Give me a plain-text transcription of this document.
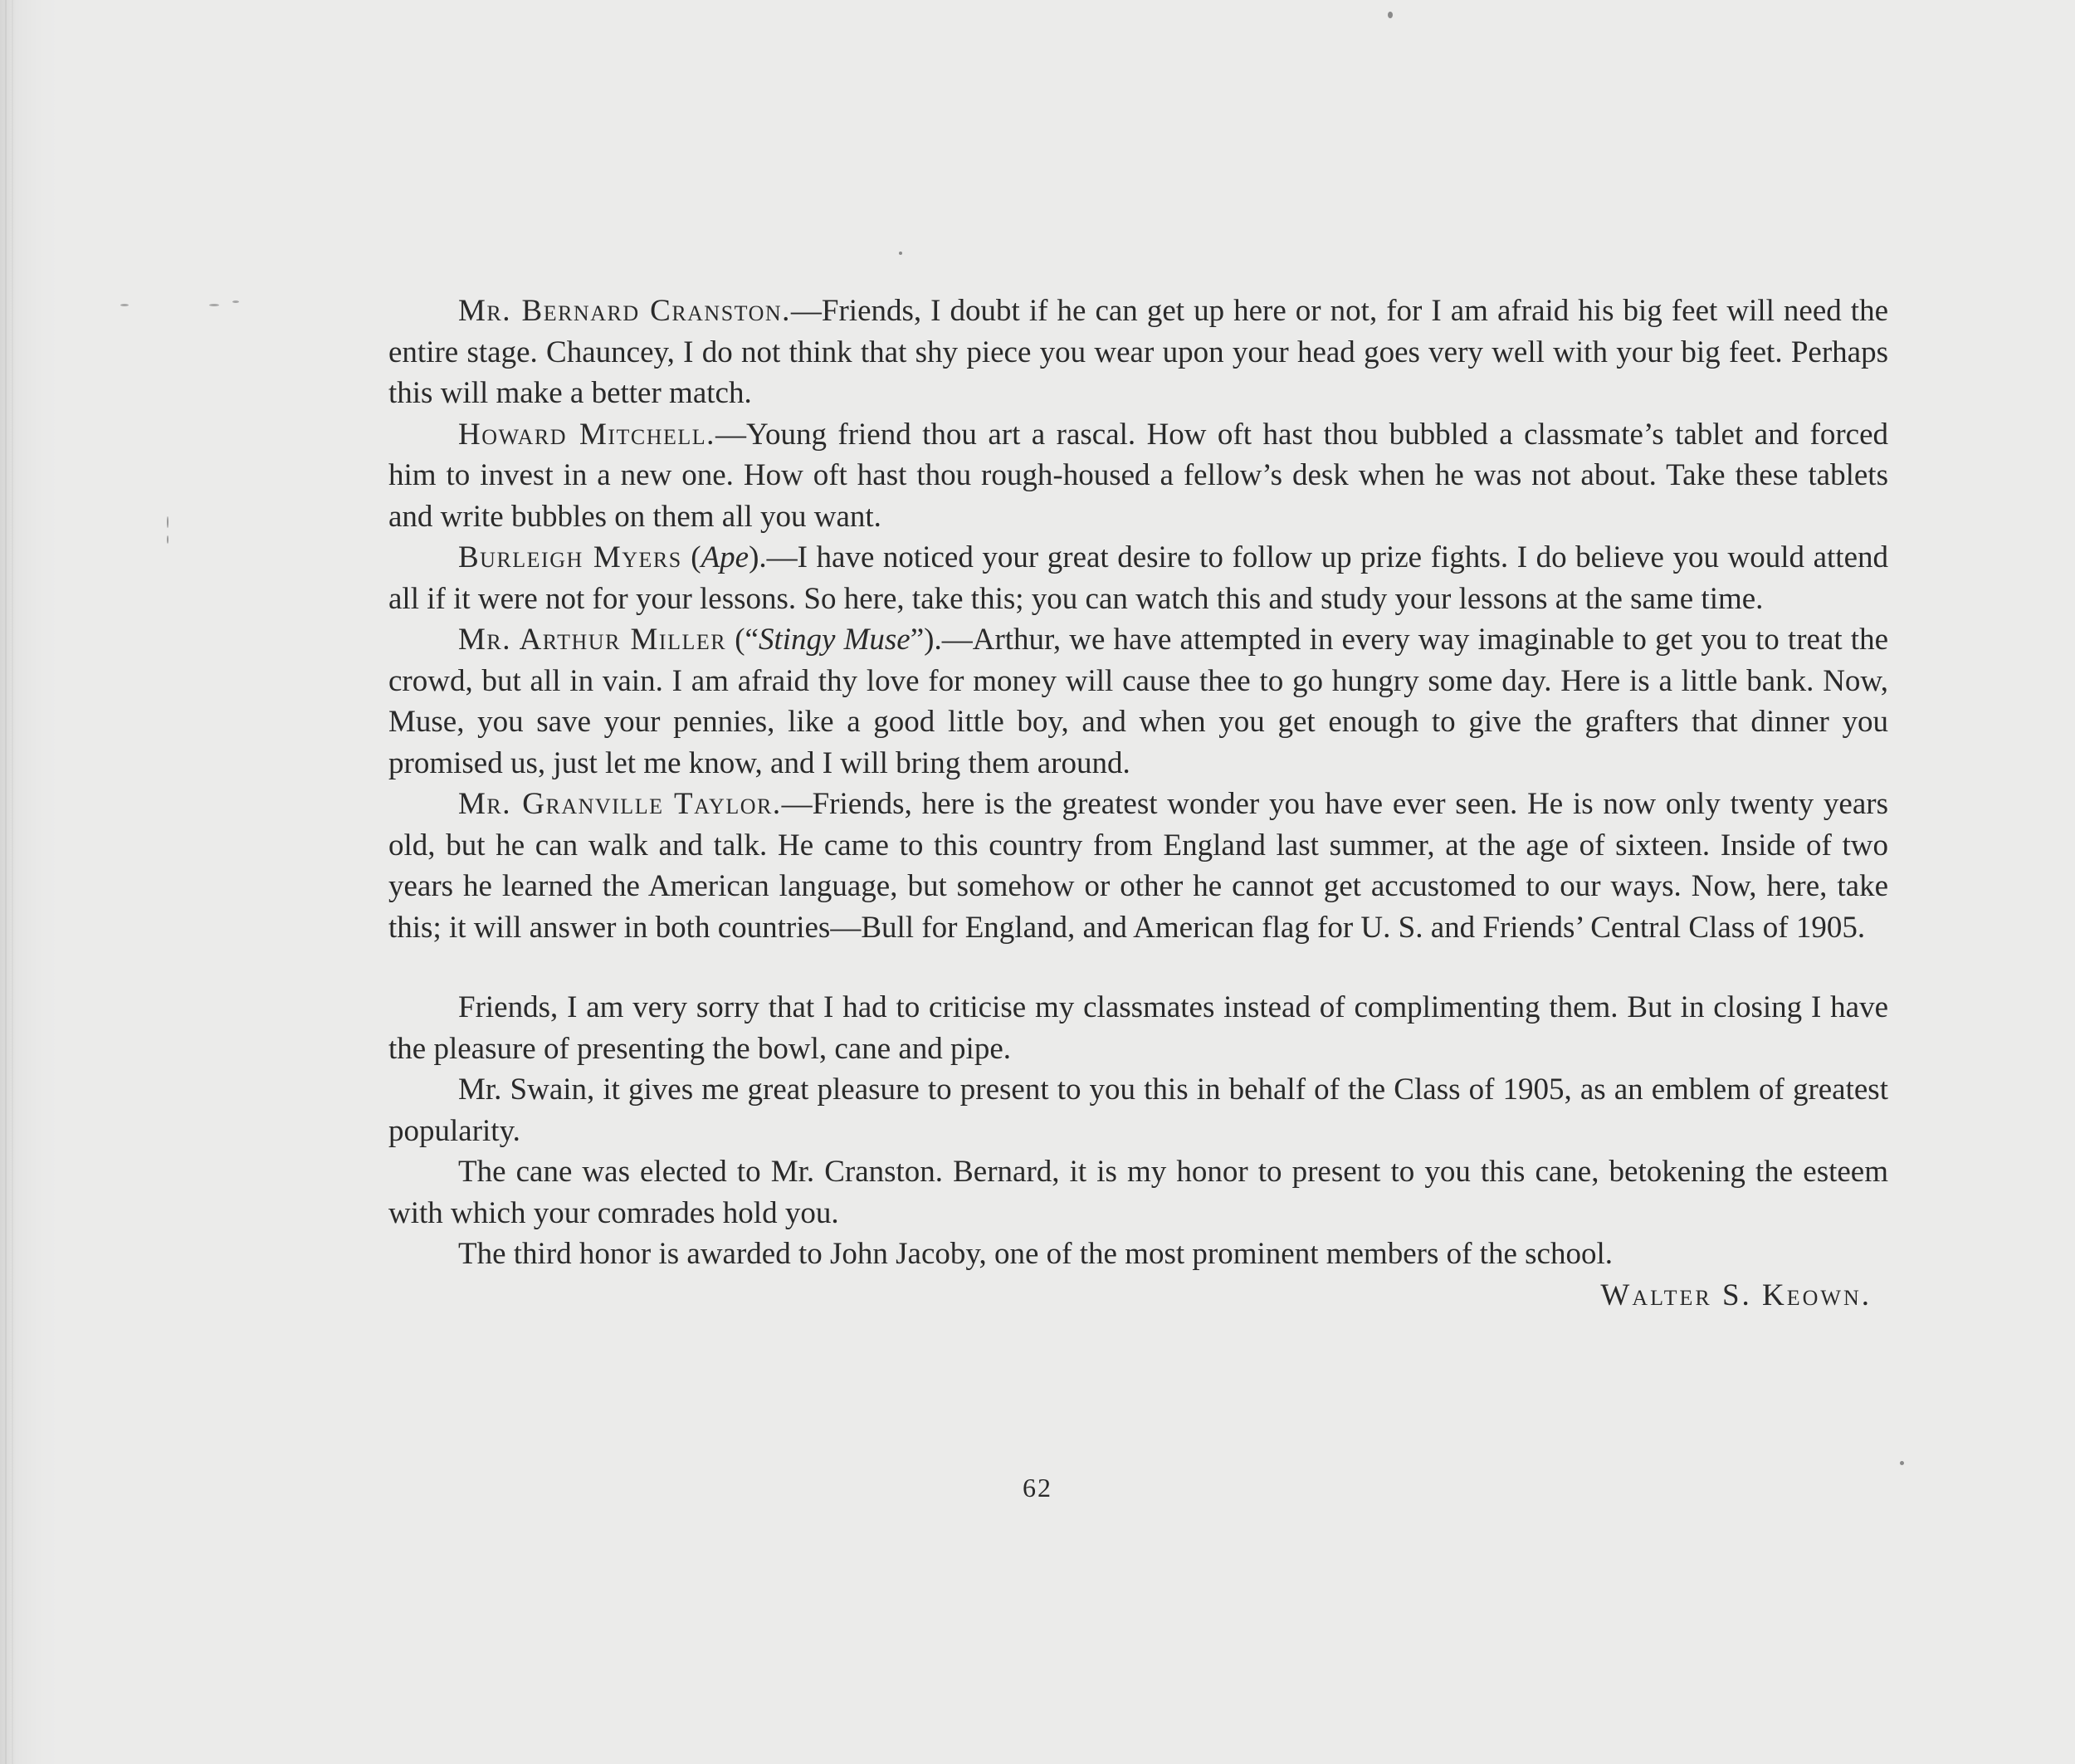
Mr. Bernard Cranston.—Friends, I doubt if he can get up here or not, for I am afraid his big feet will need the entire stage. Chauncey, I do not think that shy piece you wear upon your head goes very well with your big feet. Perhaps this will make a better match.

Howard Mitchell.—Young friend thou art a rascal. How oft hast thou bubbled a classmate’s tablet and forced him to invest in a new one. How oft hast thou rough-housed a fellow’s desk when he was not about. Take these tablets and write bubbles on them all you want.

Burleigh Myers (Ape).—I have noticed your great desire to follow up prize fights. I do believe you would attend all if it were not for your lessons. So here, take this; you can watch this and study your lessons at the same time.

Mr. Arthur Miller (“Stingy Muse”).—Arthur, we have attempted in every way imaginable to get you to treat the crowd, but all in vain. I am afraid thy love for money will cause thee to go hungry some day. Here is a little bank. Now, Muse, you save your pennies, like a good little boy, and when you get enough to give the grafters that dinner you promised us, just let me know, and I will bring them around.

Mr. Granville Taylor.—Friends, here is the greatest wonder you have ever seen. He is now only twenty years old, but he can walk and talk. He came to this country from England last summer, at the age of sixteen. Inside of two years he learned the American language, but somehow or other he cannot get accustomed to our ways. Now, here, take this; it will answer in both countries—Bull for England, and American flag for U. S. and Friends’ Central Class of 1905.

Friends, I am very sorry that I had to criticise my classmates instead of complimenting them. But in closing I have the pleasure of presenting the bowl, cane and pipe.

Mr. Swain, it gives me great pleasure to present to you this in behalf of the Class of 1905, as an emblem of greatest popularity.

The cane was elected to Mr. Cranston. Bernard, it is my honor to present to you this cane, betokening the esteem with which your comrades hold you.

The third honor is awarded to John Jacoby, one of the most prominent members of the school.

Walter S. Keown.

62
